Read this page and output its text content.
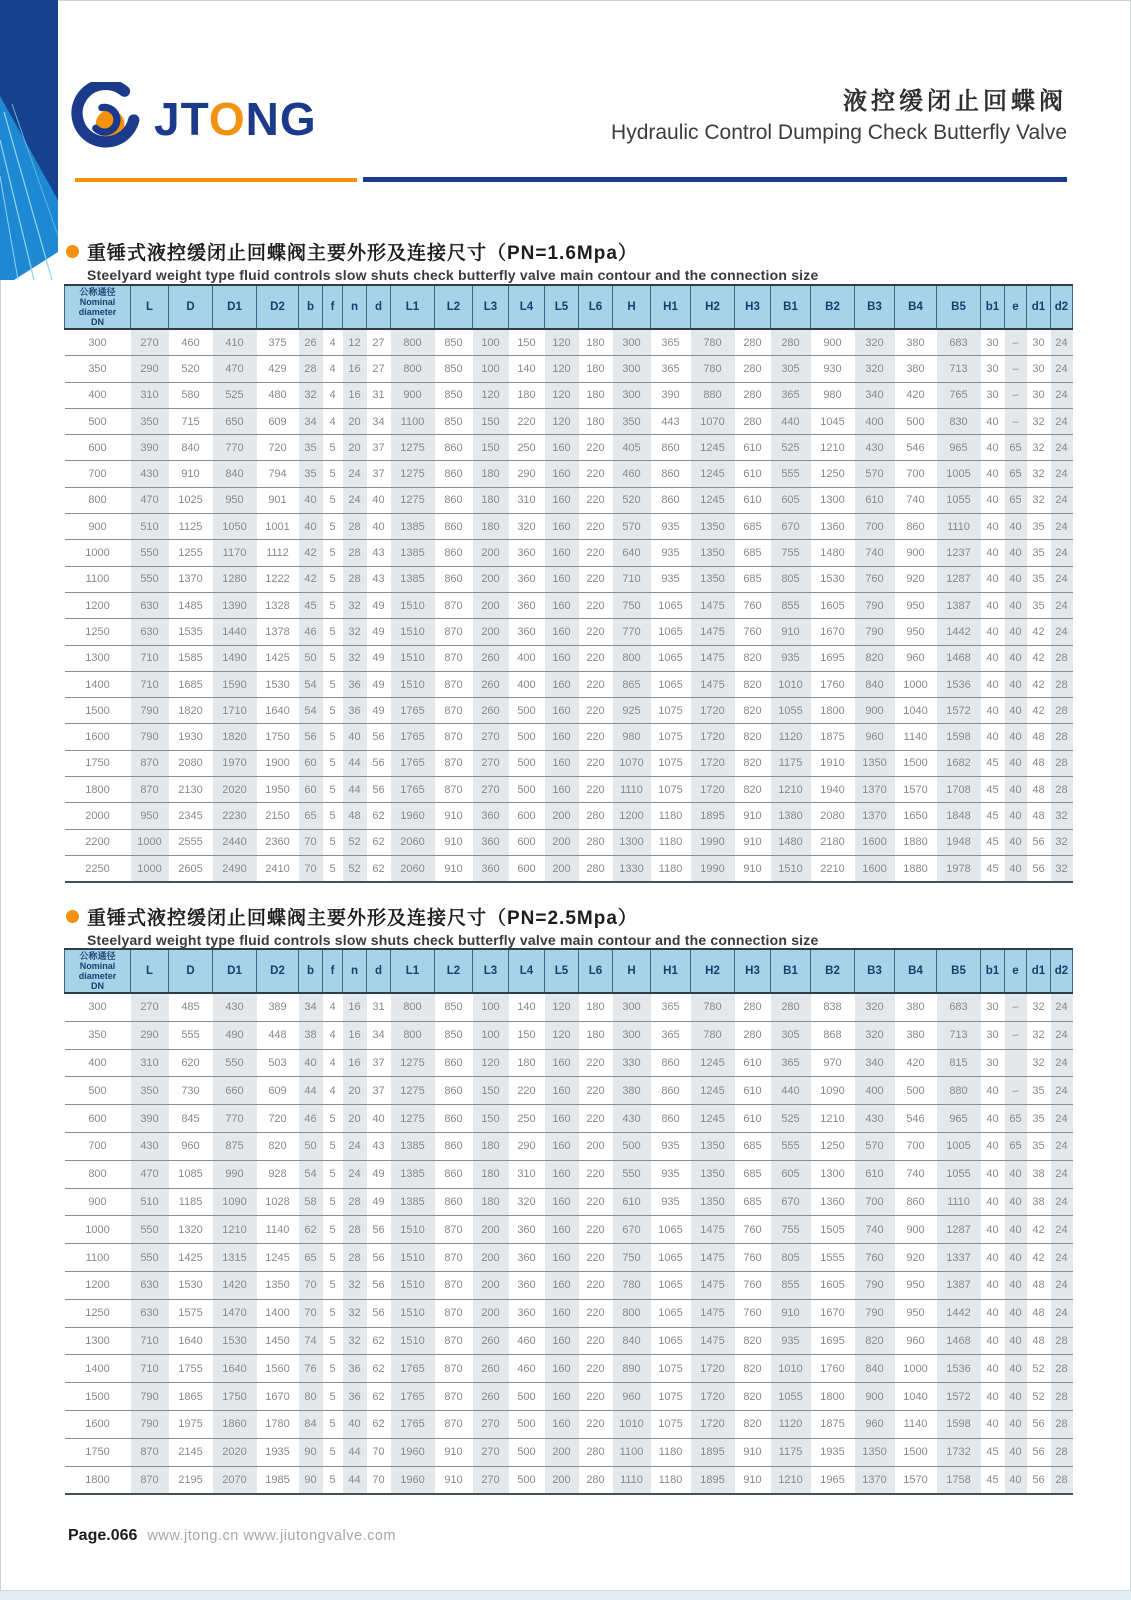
JTONG	液控缓闭止回蝶阀
Hydraulic Control Dumping Check Butterfly Valve
重锤式液控缓闭止回蝶阀主要外形及连接尺寸（PN=1.6Mpa）
Steelyard weight type fluid controls slow shuts check butterfly valve main contour and the connection size
公称通径
Nominal
diameter
DN	L	D	D1	D2	b	f	n	d	L1	L2	L3	L4	L5	L6	H	H1	H2	H3	B1	B2	B3	B4	B5	b1	e	d1	d2
300	270	460	410	375	26	4	12	27	800	850	100	150	120	180	300	365	780	280	280	900	320	380	683	30	–	30	24
350	290	520	470	429	28	4	16	27	800	850	100	140	120	180	300	365	780	280	305	930	320	380	713	30	–	30	24
400	310	580	525	480	32	4	16	31	900	850	120	180	120	180	300	390	880	280	365	980	340	420	765	30	–	30	24
500	350	715	650	609	34	4	20	34	1100	850	150	220	120	180	350	443	1070	280	440	1045	400	500	830	40	–	32	24
600	390	840	770	720	35	5	20	37	1275	860	150	250	160	220	405	860	1245	610	525	1210	430	546	965	40	65	32	24
700	430	910	840	794	35	5	24	37	1275	860	180	290	160	220	460	860	1245	610	555	1250	570	700	1005	40	65	32	24
800	470	1025	950	901	40	5	24	40	1275	860	180	310	160	220	520	860	1245	610	605	1300	610	740	1055	40	65	32	24
900	510	1125	1050	1001	40	5	28	40	1385	860	180	320	160	220	570	935	1350	685	670	1360	700	860	1110	40	40	35	24
1000	550	1255	1170	1112	42	5	28	43	1385	860	200	360	160	220	640	935	1350	685	755	1480	740	900	1237	40	40	35	24
1100	550	1370	1280	1222	42	5	28	43	1385	860	200	360	160	220	710	935	1350	685	805	1530	760	920	1287	40	40	35	24
1200	630	1485	1390	1328	45	5	32	49	1510	870	200	360	160	220	750	1065	1475	760	855	1605	790	950	1387	40	40	35	24
1250	630	1535	1440	1378	46	5	32	49	1510	870	200	360	160	220	770	1065	1475	760	910	1670	790	950	1442	40	40	42	24
1300	710	1585	1490	1425	50	5	32	49	1510	870	260	400	160	220	800	1065	1475	820	935	1695	820	960	1468	40	40	42	28
1400	710	1685	1590	1530	54	5	36	49	1510	870	260	400	160	220	865	1065	1475	820	1010	1760	840	1000	1536	40	40	42	28
1500	790	1820	1710	1640	54	5	36	49	1765	870	260	500	160	220	925	1075	1720	820	1055	1800	900	1040	1572	40	40	42	28
1600	790	1930	1820	1750	56	5	40	56	1765	870	270	500	160	220	980	1075	1720	820	1120	1875	960	1140	1598	40	40	48	28
1750	870	2080	1970	1900	60	5	44	56	1765	870	270	500	160	220	1070	1075	1720	820	1175	1910	1350	1500	1682	45	40	48	28
1800	870	2130	2020	1950	60	5	44	56	1765	870	270	500	160	220	1110	1075	1720	820	1210	1940	1370	1570	1708	45	40	48	28
2000	950	2345	2230	2150	65	5	48	62	1960	910	360	600	200	280	1200	1180	1895	910	1380	2080	1370	1650	1848	45	40	48	32
2200	1000	2555	2440	2360	70	5	52	62	2060	910	360	600	200	280	1300	1180	1990	910	1480	2180	1600	1880	1948	45	40	56	32
2250	1000	2605	2490	2410	70	5	52	62	2060	910	360	600	200	280	1330	1180	1990	910	1510	2210	1600	1880	1978	45	40	56	32
重锤式液控缓闭止回蝶阀主要外形及连接尺寸（PN=2.5Mpa）
Steelyard weight type fluid controls slow shuts check butterfly valve main contour and the connection size
公称通径
Nominal
diameter
DN	L	D	D1	D2	b	f	n	d	L1	L2	L3	L4	L5	L6	H	H1	H2	H3	B1	B2	B3	B4	B5	b1	e	d1	d2
300	270	485	430	389	34	4	16	31	800	850	100	140	120	180	300	365	780	280	280	838	320	380	683	30	–	32	24
350	290	555	490	448	38	4	16	34	800	850	100	150	120	180	300	365	780	280	305	868	320	380	713	30	–	32	24
400	310	620	550	503	40	4	16	37	1275	860	120	180	160	220	330	860	1245	610	365	970	340	420	815	30		32	24
500	350	730	660	609	44	4	20	37	1275	860	150	220	160	220	380	860	1245	610	440	1090	400	500	880	40	–	35	24
600	390	845	770	720	46	5	20	40	1275	860	150	250	160	220	430	860	1245	610	525	1210	430	546	965	40	65	35	24
700	430	960	875	820	50	5	24	43	1385	860	180	290	160	200	500	935	1350	685	555	1250	570	700	1005	40	65	35	24
800	470	1085	990	928	54	5	24	49	1385	860	180	310	160	220	550	935	1350	685	605	1300	610	740	1055	40	40	38	24
900	510	1185	1090	1028	58	5	28	49	1385	860	180	320	160	220	610	935	1350	685	670	1360	700	860	1110	40	40	38	24
1000	550	1320	1210	1140	62	5	28	56	1510	870	200	360	160	220	670	1065	1475	760	755	1505	740	900	1287	40	40	42	24
1100	550	1425	1315	1245	65	5	28	56	1510	870	200	360	160	220	750	1065	1475	760	805	1555	760	920	1337	40	40	42	24
1200	630	1530	1420	1350	70	5	32	56	1510	870	200	360	160	220	780	1065	1475	760	855	1605	790	950	1387	40	40	48	24
1250	630	1575	1470	1400	70	5	32	56	1510	870	200	360	160	220	800	1065	1475	760	910	1670	790	950	1442	40	40	48	24
1300	710	1640	1530	1450	74	5	32	62	1510	870	260	460	160	220	840	1065	1475	820	935	1695	820	960	1468	40	40	48	28
1400	710	1755	1640	1560	76	5	36	62	1765	870	260	460	160	220	890	1075	1720	820	1010	1760	840	1000	1536	40	40	52	28
1500	790	1865	1750	1670	80	5	36	62	1765	870	260	500	160	220	960	1075	1720	820	1055	1800	900	1040	1572	40	40	52	28
1600	790	1975	1860	1780	84	5	40	62	1765	870	270	500	160	220	1010	1075	1720	820	1120	1875	960	1140	1598	40	40	56	28
1750	870	2145	2020	1935	90	5	44	70	1960	910	270	500	200	280	1100	1180	1895	910	1175	1935	1350	1500	1732	45	40	56	28
1800	870	2195	2070	1985	90	5	44	70	1960	910	270	500	200	280	1110	1180	1895	910	1210	1965	1370	1570	1758	45	40	56	28
Page.066 www.jtong.cn www.jiutongvalve.com
